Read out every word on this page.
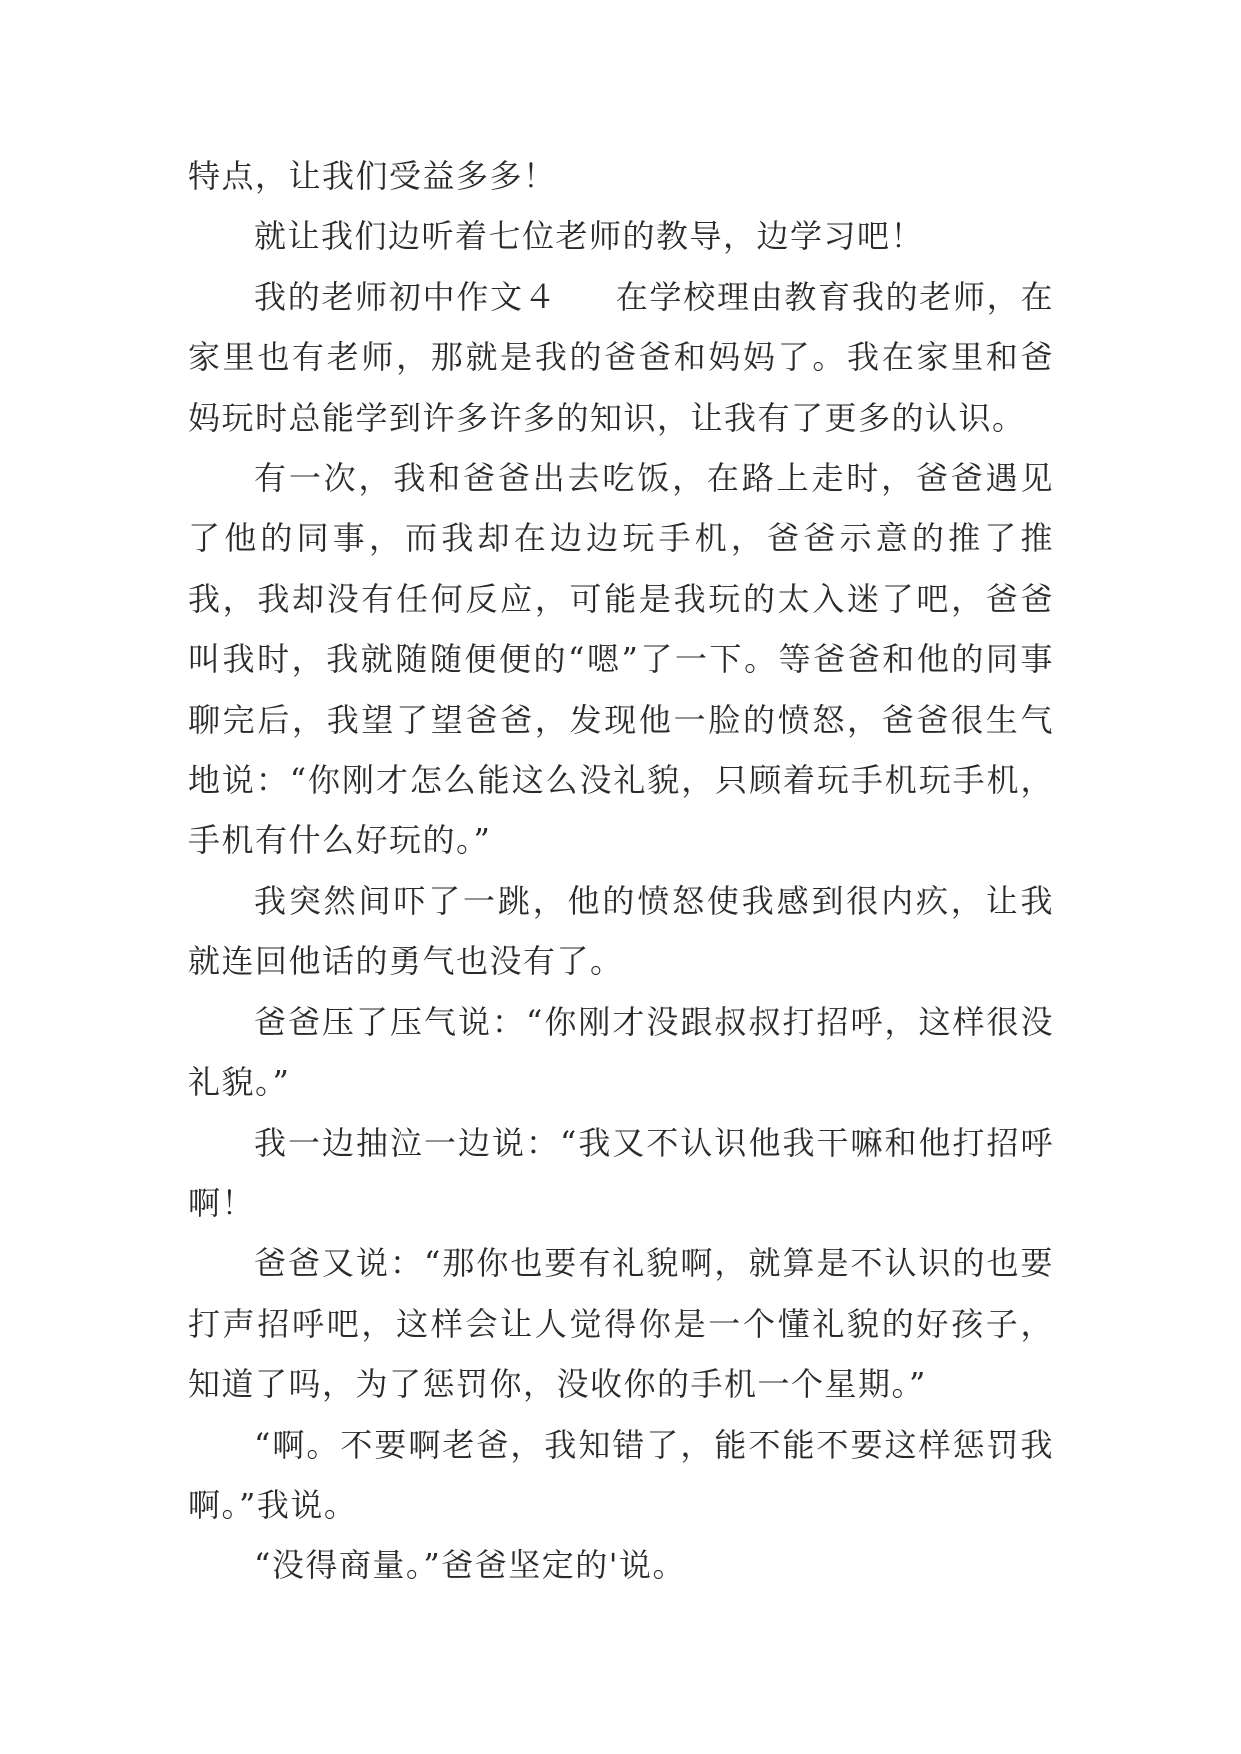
特点，让我们受益多多！

就让我们边听着七位老师的教导，边学习吧！

我的老师初中作文４ 在学校理由教育我的老师，在家里也有老师，那就是我的爸爸和妈妈了。我在家里和爸妈玩时总能学到许多许多的知识，让我有了更多的认识。

有一次，我和爸爸出去吃饭，在路上走时，爸爸遇见了他的同事，而我却在边边玩手机，爸爸示意的推了推我，我却没有任何反应，可能是我玩的太入迷了吧，爸爸叫我时，我就随随便便的“嗯”了一下。等爸爸和他的同事聊完后，我望了望爸爸，发现他一脸的愤怒，爸爸很生气地说：“你刚才怎么能这么没礼貌，只顾着玩手机玩手机，手机有什么好玩的。”

我突然间吓了一跳，他的愤怒使我感到很内疚，让我就连回他话的勇气也没有了。

爸爸压了压气说：“你刚才没跟叔叔打招呼，这样很没礼貌。”

我一边抽泣一边说：“我又不认识他我干嘛和他打招呼啊！

爸爸又说：“那你也要有礼貌啊，就算是不认识的也要打声招呼吧，这样会让人觉得你是一个懂礼貌的好孩子，知道了吗，为了惩罚你，没收你的手机一个星期。”

“啊。不要啊老爸，我知错了，能不能不要这样惩罚我啊。”我说。

“没得商量。”爸爸坚定的'说。
